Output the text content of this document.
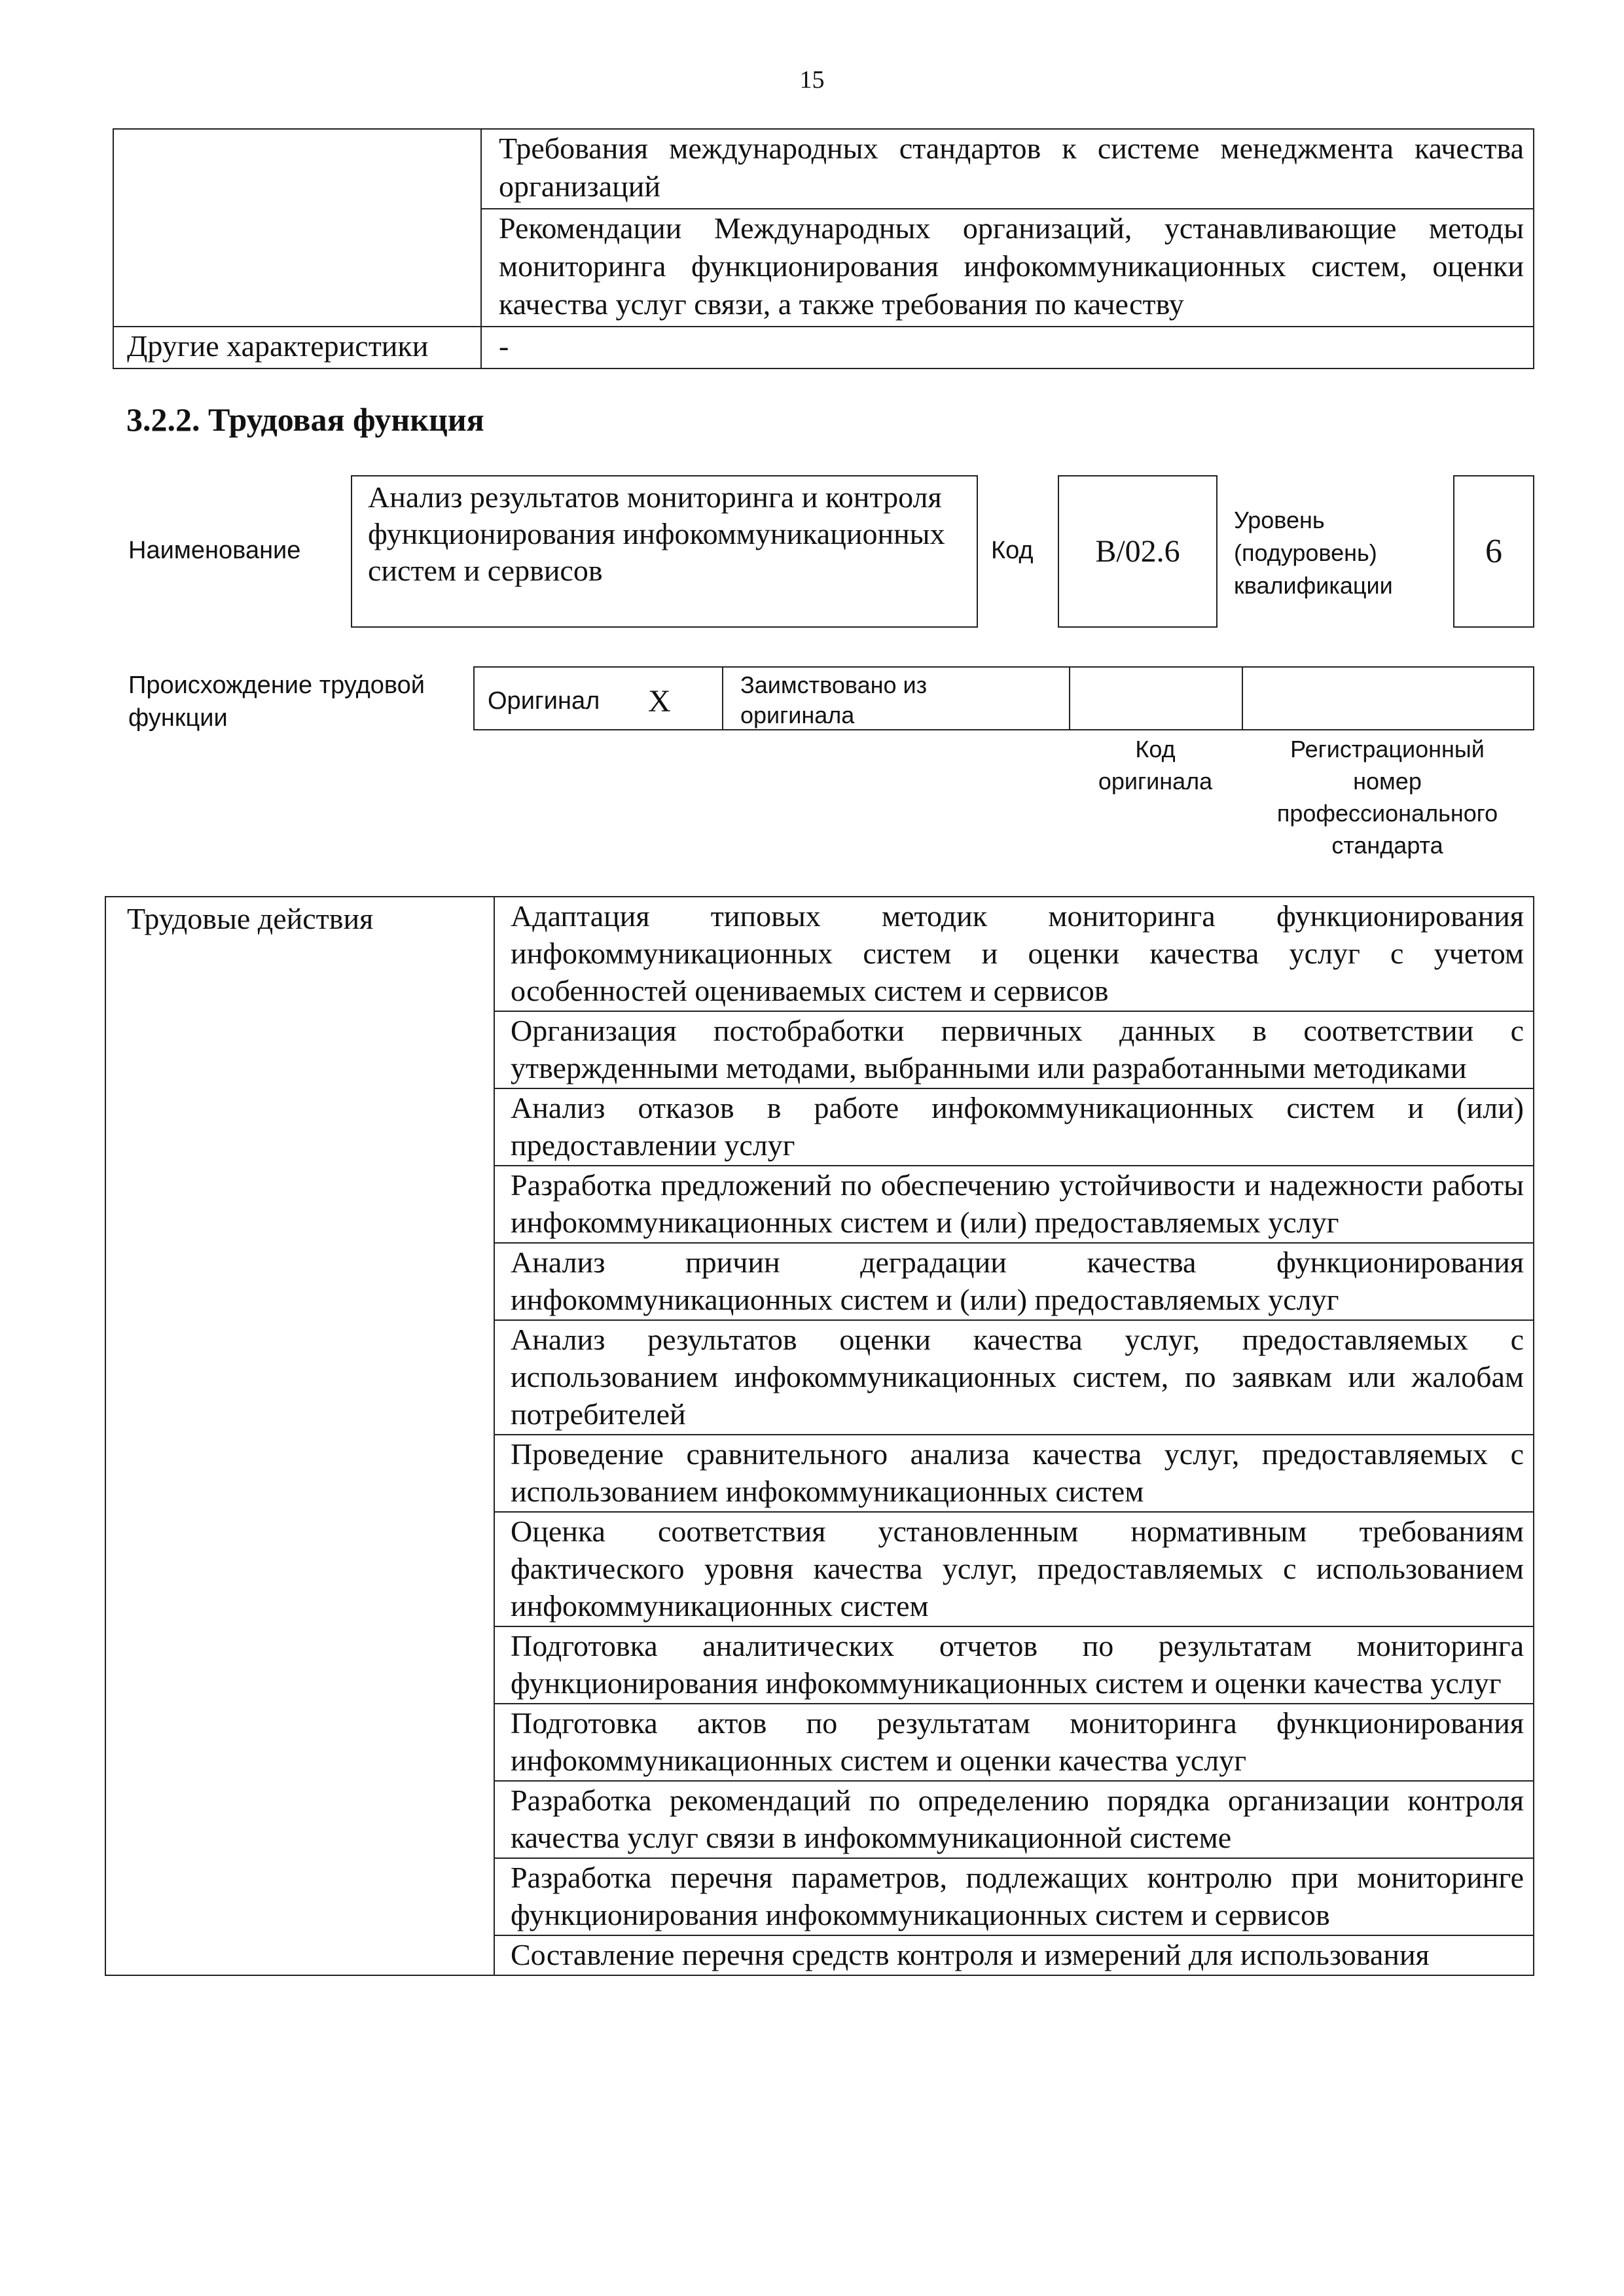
15
	Требования международных стандартов к системе менеджмента качества организаций
	Рекомендации Международных организаций, устанавливающие методы мониторинга функционирования инфокоммуникационных систем, оценки качества услуг связи, а также требования по качеству
Другие характеристики	-
3.2.2. Трудовая функция
Наименование
Анализ результатов мониторинга и контроля функционирования инфокоммуникационных систем и сервисов
Код	B/02.6
Уровень (подуровень) квалификации
6
Происхождение трудовой функции
Оригинал X	Заимствовано из оригинала
Код оригинала
Регистрационный номер профессионального стандарта
Трудовые действия	Адаптация типовых методик мониторинга функционирования инфокоммуникационных систем и оценки качества услуг с учетом особенностей оцениваемых систем и сервисов
Организация постобработки первичных данных в соответствии с утвержденными методами, выбранными или разработанными методиками
Анализ отказов в работе инфокоммуникационных систем и (или) предоставлении услуг
Разработка предложений по обеспечению устойчивости и надежности работы инфокоммуникационных систем и (или) предоставляемых услуг
Анализ причин деградации качества функционирования инфокоммуникационных систем и (или) предоставляемых услуг
Анализ результатов оценки качества услуг, предоставляемых с использованием инфокоммуникационных систем, по заявкам или жалобам потребителей
Проведение сравнительного анализа качества услуг, предоставляемых с использованием инфокоммуникационных систем
Оценка соответствия установленным нормативным требованиям фактического уровня качества услуг, предоставляемых с использованием инфокоммуникационных систем
Подготовка аналитических отчетов по результатам мониторинга функционирования инфокоммуникационных систем и оценки качества услуг
Подготовка актов по результатам мониторинга функционирования инфокоммуникационных систем и оценки качества услуг
Разработка рекомендаций по определению порядка организации контроля качества услуг связи в инфокоммуникационной системе
Разработка перечня параметров, подлежащих контролю при мониторинге функционирования инфокоммуникационных систем и сервисов
Составление перечня средств контроля и измерений для использования
